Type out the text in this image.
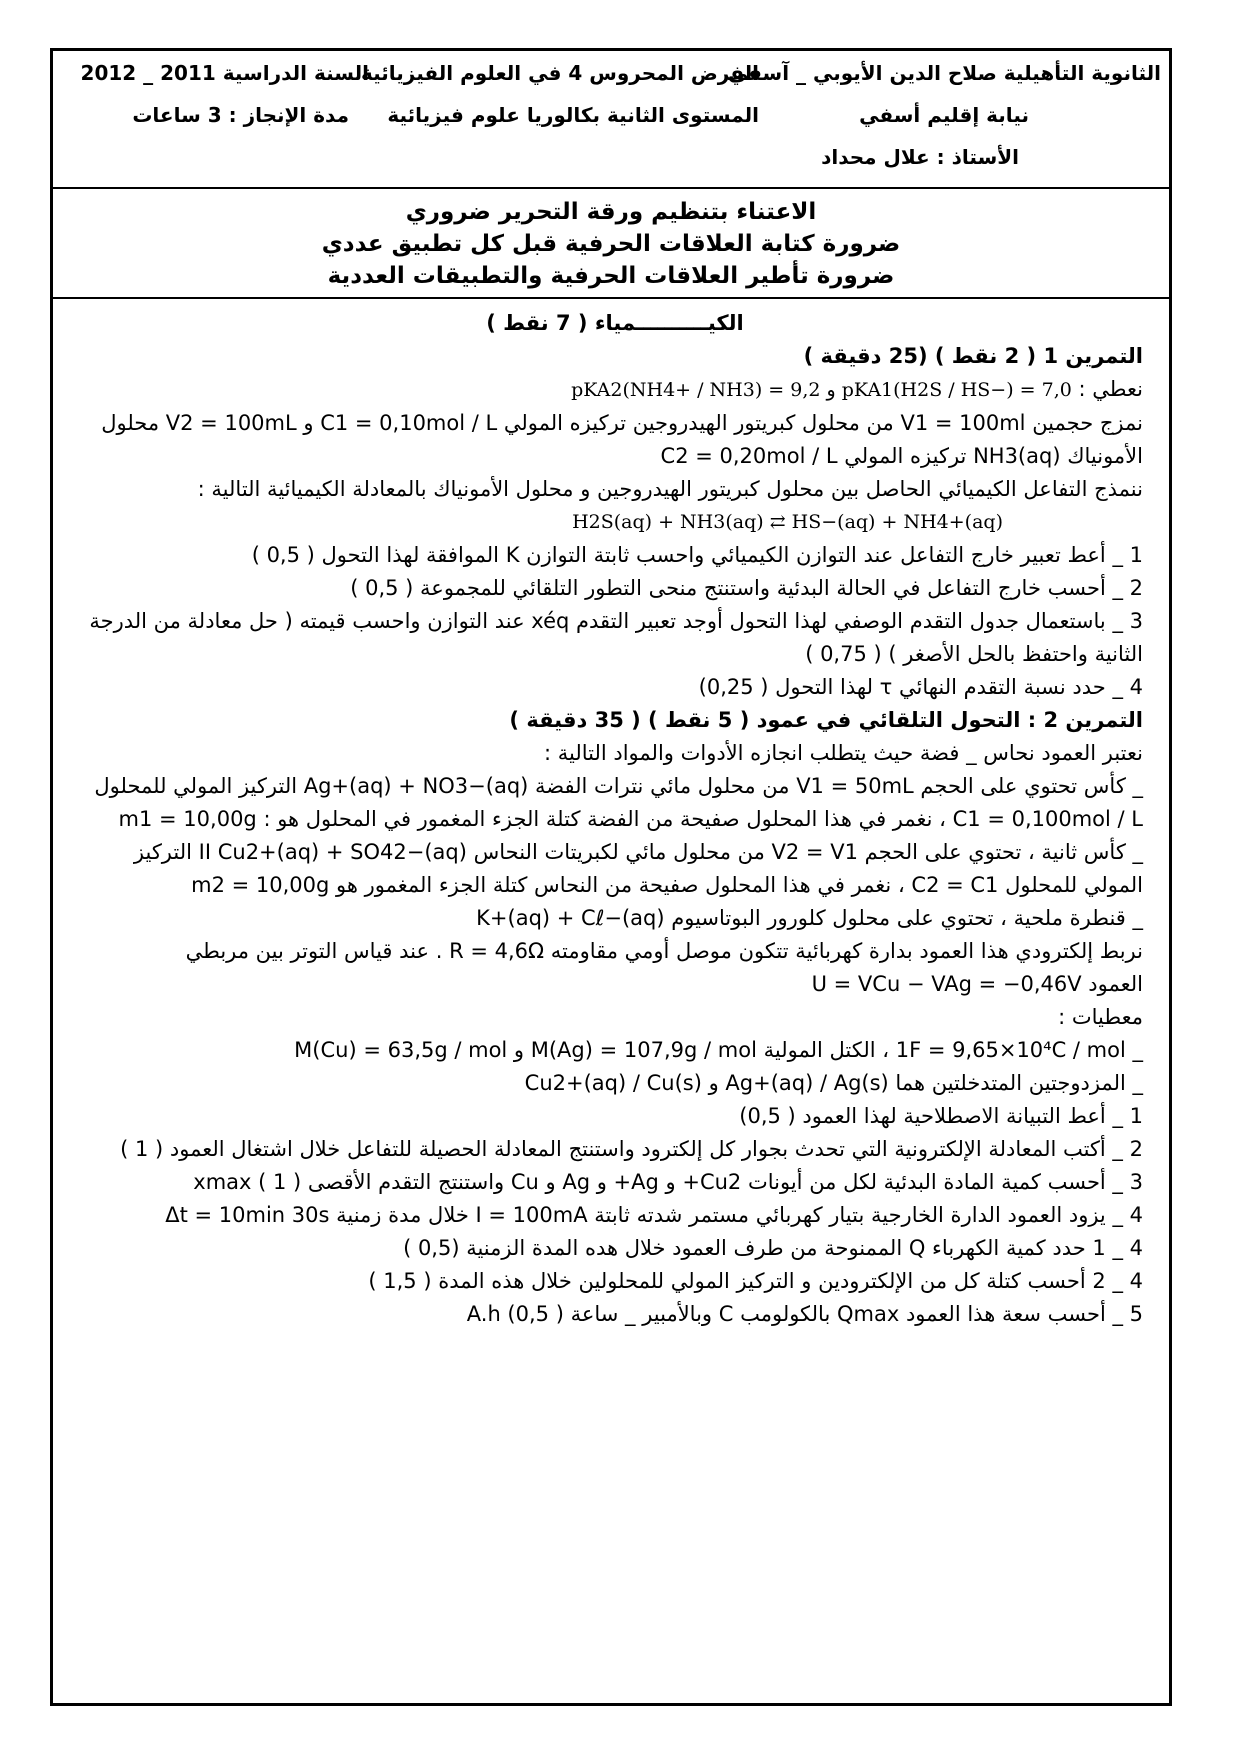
الثانوية التأهيلية صلاح الدين الأيوبي _ آسفي
الفرض المحروس 4 في العلوم الفيزيائية
السنة الدراسية 2011 _ 2012
نيابة إقليم أسفي
المستوى الثانية بكالوريا علوم فيزيائية
مدة الإنجاز : 3 ساعات
الأستاذ : علال محداد
الاعتناء بتنظيم ورقة التحرير ضروري
ضرورة كتابة العلاقات الحرفية قبل كل تطبيق عددي
ضرورة تأطير العلاقات الحرفية والتطبيقات العددية
الكيــــــــــمياء ( 7 نقط )
التمرين 1 ( 2 نقط ) (25 دقيقة )
نعطي : pKA2(NH4+ / NH3) = 9,2 و pKA1(H2S / HS−) = 7,0
نمزج حجمين V1 = 100ml من محلول كبريتور الهيدروجين تركيزه المولي C1 = 0,10mol / L و V2 = 100mL محلول
الأمونياك NH3(aq) تركيزه المولي C2 = 0,20mol / L
ننمذج التفاعل الكيميائي الحاصل بين محلول كبريتور الهيدروجين و محلول الأمونياك بالمعادلة الكيميائية التالية :
H2S(aq) + NH3(aq) ⇄ HS−(aq) + NH4+(aq)
1 _ أعط تعبير خارج التفاعل عند التوازن الكيميائي واحسب ثابتة التوازن K الموافقة لهذا التحول ( 0,5 )
2 _ أحسب خارج التفاعل في الحالة البدئية واستنتج منحى التطور التلقائي للمجموعة ( 0,5 )
3 _ باستعمال جدول التقدم الوصفي لهذا التحول أوجد تعبير التقدم xéq عند التوازن واحسب قيمته ( حل معادلة من الدرجة الثانية واحتفظ بالحل الأصغر ) ( 0,75 )
4 _ حدد نسبة التقدم النهائي τ لهذا التحول ( 0,25)
التمرين 2 : التحول التلقائي في عمود ( 5 نقط ) ( 35 دقيقة )
نعتبر العمود نحاس _ فضة حيث يتطلب انجازه الأدوات والمواد التالية :
_ كأس تحتوي على الحجم V1 = 50mL من محلول مائي نترات الفضة Ag+(aq) + NO3−(aq) التركيز المولي للمحلول
C1 = 0,100mol / L ، نغمر في هذا المحلول صفيحة من الفضة كتلة الجزء المغمور في المحلول هو : m1 = 10,00g
_ كأس ثانية ، تحتوي على الحجم V2 = V1 من محلول مائي لكبريتات النحاس II Cu2+(aq) + SO42−(aq) التركيز
المولي للمحلول C2 = C1 ، نغمر في هذا المحلول صفيحة من النحاس كتلة الجزء المغمور هو m2 = 10,00g
_ قنطرة ملحية ، تحتوي على محلول كلورور البوتاسيوم K+(aq) + Cℓ−(aq)
نربط إلكترودي هذا العمود بدارة كهربائية تتكون موصل أومي مقاومته R = 4,6Ω . عند قياس التوتر بين مربطي
العمود U = VCu − VAg = −0,46V
معطيات :
_ 1F = 9,65×10⁴C / mol ، الكتل المولية M(Ag) = 107,9g / mol و M(Cu) = 63,5g / mol
_ المزدوجتين المتدخلتين هما Ag+(aq) / Ag(s) و Cu2+(aq) / Cu(s)
1 _ أعط التبيانة الاصطلاحية لهذا العمود ( 0,5)
2 _ أكتب المعادلة الإلكترونية التي تحدث بجوار كل إلكترود واستنتج المعادلة الحصيلة للتفاعل خلال اشتغال العمود ( 1 )
3 _ أحسب كمية المادة البدئية لكل من أيونات Cu2+ و Ag+ و Ag و Cu واستنتج التقدم الأقصى xmax ( 1 )
4 _ يزود العمود الدارة الخارجية بتيار كهربائي مستمر شدته ثابتة I = 100mA خلال مدة زمنية Δt = 10min 30s
4 _ 1 حدد كمية الكهرباء Q الممنوحة من طرف العمود خلال هده المدة الزمنية (0,5 )
4 _ 2 أحسب كتلة كل من الإلكترودين و التركيز المولي للمحلولين خلال هذه المدة ( 1,5 )
5 _ أحسب سعة هذا العمود Qmax بالكولومب C وبالأمبير _ ساعة A.h (0,5 )
